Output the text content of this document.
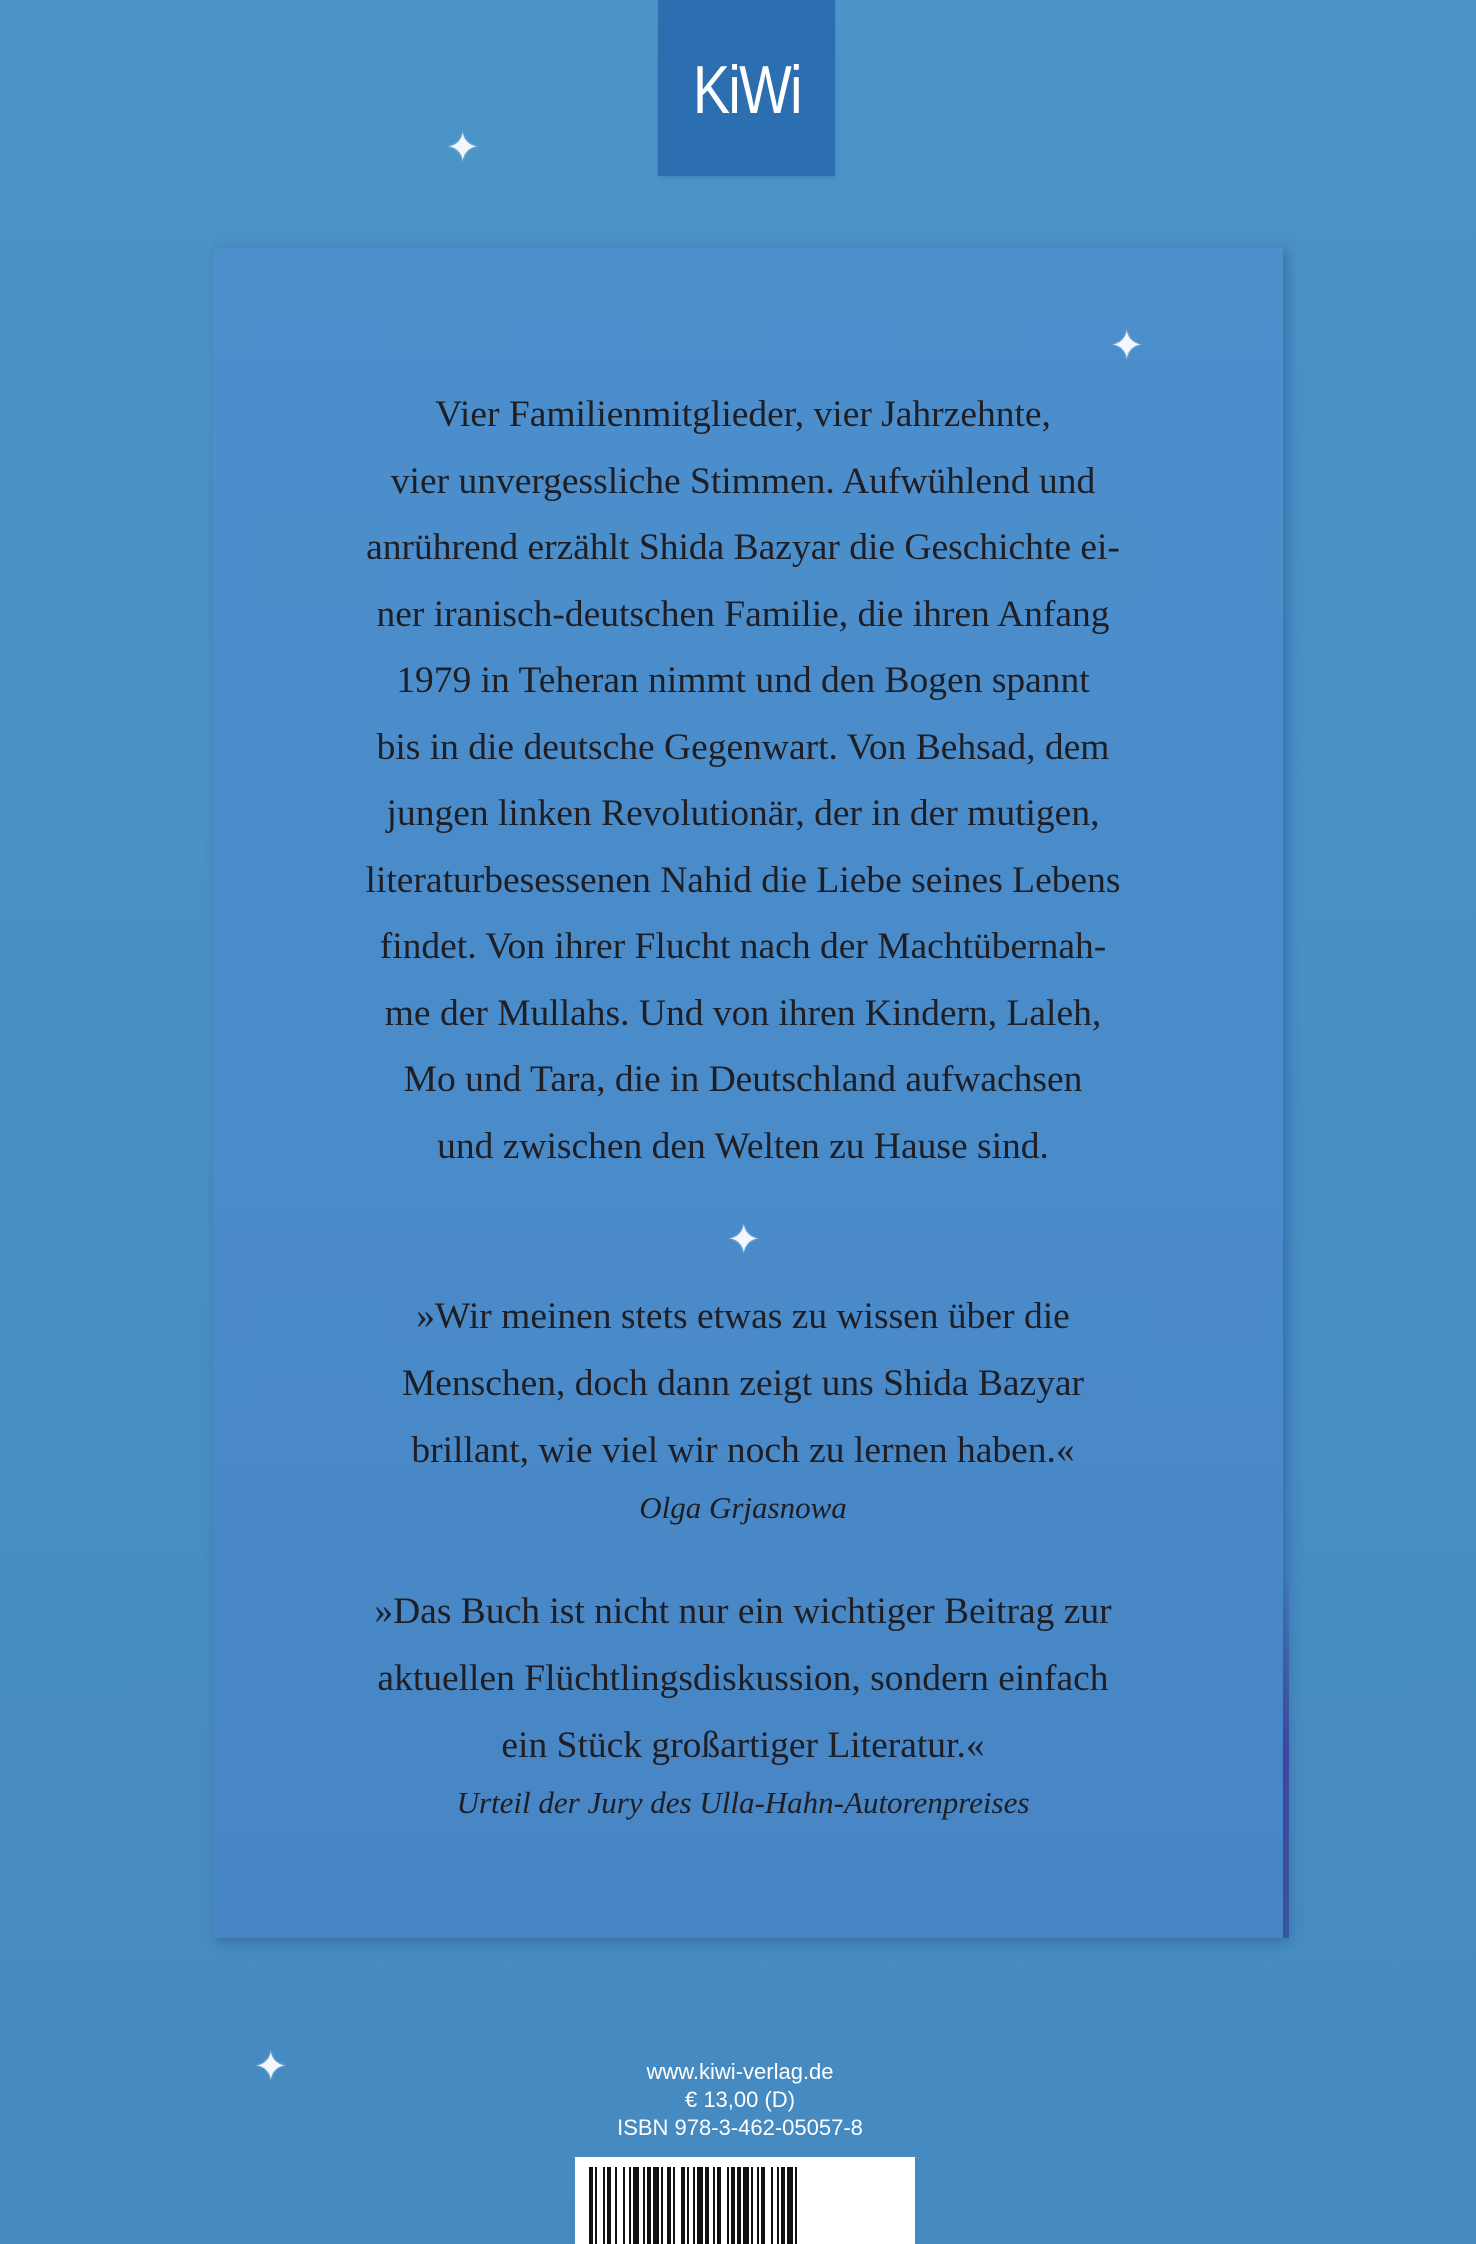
KiWi
✦
✦
Vier Familienmitglieder, vier Jahrzehnte,
vier unvergessliche Stimmen. Aufwühlend und
anrührend erzählt Shida Bazyar die Geschichte ei-
ner iranisch-deutschen Familie, die ihren Anfang
1979 in Teheran nimmt und den Bogen spannt
bis in die deutsche Gegenwart. Von Behsad, dem
jungen linken Revolutionär, der in der mutigen,
literaturbesessenen Nahid die Liebe seines Lebens
findet. Von ihrer Flucht nach der Machtübernah-
me der Mullahs. Und von ihren Kindern, Laleh,
Mo und Tara, die in Deutschland aufwachsen
und zwischen den Welten zu Hause sind.
✦
»Wir meinen stets etwas zu wissen über die
Menschen, doch dann zeigt uns Shida Bazyar
brillant, wie viel wir noch zu lernen haben.«
Olga Grjasnowa
»Das Buch ist nicht nur ein wichtiger Beitrag zur
aktuellen Flüchtlingsdiskussion, sondern einfach
ein Stück großartiger Literatur.«
Urteil der Jury des Ulla-Hahn-Autorenpreises
✦	www.kiwi-verlag.de
€ 13,00 (D)
ISBN 978-3-462-05057-8
